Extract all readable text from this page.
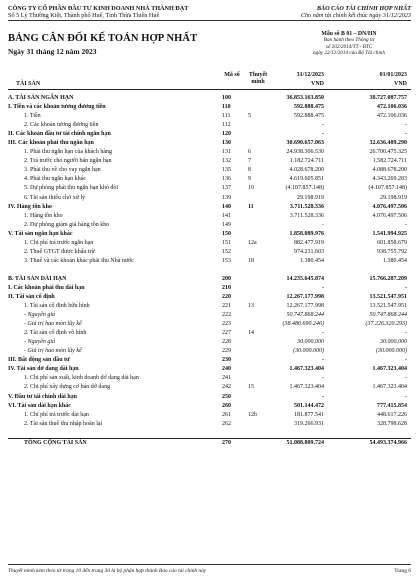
CÔNG TY CỔ PHẦN ĐẦU TƯ KINH DOANH NHÀ THÀNH ĐẠT
Số 5 Lý Thường Kiệt, Thành phố Huế, Tỉnh Thừa Thiên Huế
BÁO CÁO TÀI CHÍNH HỢP NHẤT
Cho năm tài chính kết thúc ngày 31/12/2023
BẢNG CÂN ĐỐI KẾ TOÁN HỢP NHẤT
Ngày 31 tháng 12 năm 2023
Mẫu số B 01 – DN/HN
Ban hành theo Thông tư
số 202/2014/TT - BTC
ngày 22/12/2014 của Bộ Tài chính
TÀI SẢN
Mã số	Thuyết minh
31/12/2023
VND
01/01/2023
VND
A. TÀI SẢN NGẮN HẠN	100	36.853.163.850	38.727.087.757
I. Tiền và các khoản tương đương tiền	110	592.888.475	472.106.036
1. Tiền	111	5	592.888.475	472.106.036
2. Các khoản tương đương tiền	112	-	-
II. Các khoản đầu tư tài chính ngắn hạn	120	-	-
III. Các khoản phải thu ngắn hạn	130	30.690.657.063	32.636.489.290
1. Phải thu ngắn hạn của khách hàng	131	6	24.938.306.530	26.700.475.325
2. Trả trước cho người bán ngắn hạn	132	7	1.182.724.711	1.582.724.711
3. Phải thu về cho vay ngắn hạn	135	8	4.028.678.200	4.088.678.200
4. Phải thu ngắn hạn khác	136	9	4.619.605.851	4.343.269.283
5. Dự phòng phải thu ngắn hạn khó đòi	137	10	(4.107.857.148)	(4.107.857.148)
6. Tài sản thiếu chờ xử lý	139	29.198.919	29.198.919
IV. Hàng tồn kho	140	11	3.711.528.336	4.076.497.506
1. Hàng tồn kho	141	3.711.528.336	4.076.497.506
2. Dự phòng giảm giá hàng tồn kho	149	-	-
V. Tài sản ngắn hạn khác	150	1.858.089.976	1.541.994.925
1. Chi phí trả trước ngắn hạn	151	12a	882.477.919	601.858.679
2. Thuế GTGT được khấu trừ	152	974.231.603	938.755.792
3. Thuế và các khoản khác phải thu Nhà nước	153	18	1.380.454	1.380.454
B. TÀI SẢN DÀI HẠN	200	14.235.645.874	15.766.287.209
I. Các khoản phải thu dài hạn	210	-	-
II. Tài sản cố định	220	12.267.177.998	13.521.547.951
1. Tài sản cố định hữu hình	221	13	12.267.177.998	13.521.547.951
- Nguyên giá	222	50.747.868.244	50.747.868.244
- Giá trị hao mòn lũy kế	223	(38.480.690.246)	(37.226.320.293)
2. Tài sản cố định vô hình	227	14	-	-
- Nguyên giá	228	30.000.000	30.000.000
- Giá trị hao mòn lũy kế	229	(30.000.000)	(30.000.000)
III. Bất động sản đầu tư	230	-	-
IV. Tài sản dở dang dài hạn	240	1.467.323.404	1.467.323.404
1. Chi phí sản xuất, kinh doanh dở dang dài hạn	241	-	-
2. Chi phí xây dựng cơ bản dở dang	242	15	1.467.323.404	1.467.323.404
V. Đầu tư tài chính dài hạn	250	-	-
VI. Tài sản dài hạn khác	260	501.144.472	777.415.854
1. Chi phí trả trước dài hạn	261	12b	181.877.541	448.617.226
2. Tài sản thuế thu nhập hoãn lại	262	319.266.931	328.798.628
TỔNG CỘNG TÀI SẢN	270	51.088.809.724	54.493.374.966
Thuyết minh kèm theo từ trang 10 đến trang 30 là bộ phận hợp thành Báo cáo tài chính này	Trang 6
